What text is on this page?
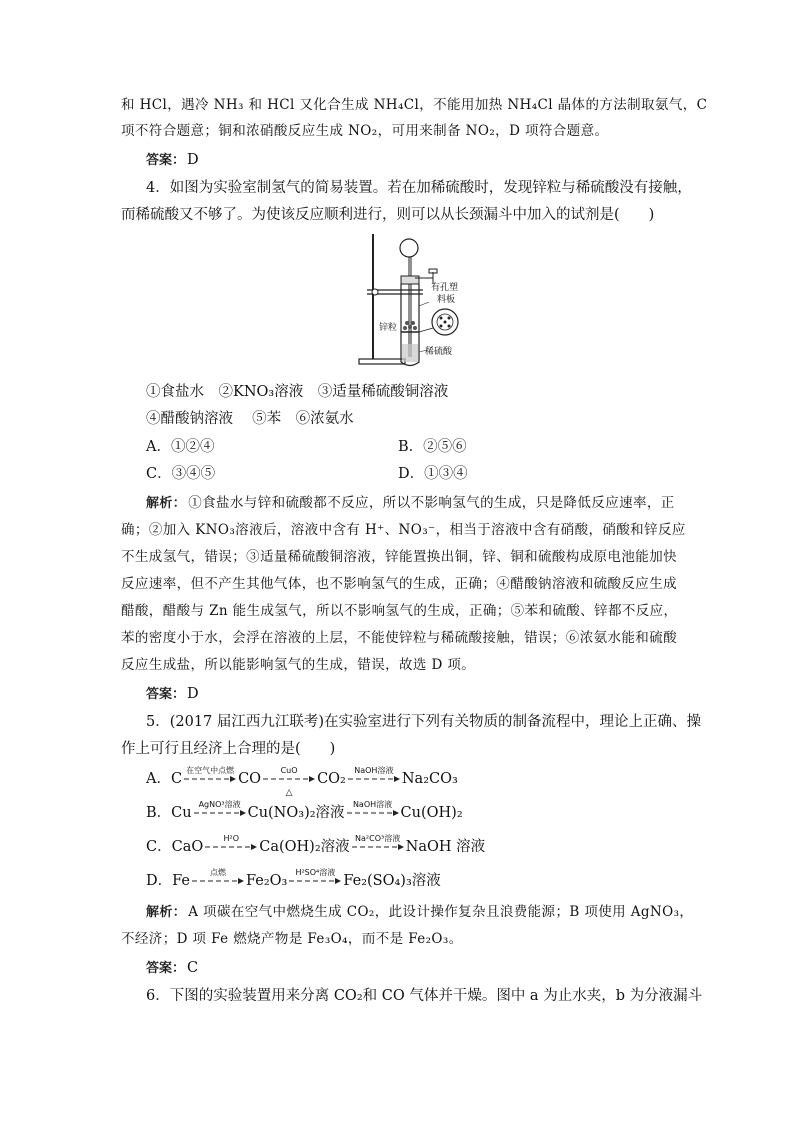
和 HCl，遇冷 NH₃ 和 HCl 又化合生成 NH₄Cl，不能用加热 NH₄Cl 晶体的方法制取氨气，C
项不符合题意；铜和浓硝酸反应生成 NO₂，可用来制备 NO₂，D 项符合题意。
答案： D
4．如图为实验室制氢气的简易装置。若在加稀硫酸时，发现锌粒与稀硫酸没有接触，
而稀硫酸又不够了。为使该反应顺利进行，则可以从长颈漏斗中加入的试剂是(　　)
有孔塑
料板
锌粒
稀硫酸
①食盐水　②KNO₃溶液　③适量稀硫酸铜溶液
④醋酸钠溶液　 ⑤苯　⑥浓氨水
A．①②④	B．②⑤⑥
C．③④⑤	D．①③④
解析： ①食盐水与锌和硫酸都不反应，所以不影响氢气的生成，只是降低反应速率，正
确；②加入 KNO₃溶液后，溶液中含有 H⁺、NO₃⁻，相当于溶液中含有硝酸，硝酸和锌反应
不生成氢气，错误；③适量稀硫酸铜溶液，锌能置换出铜，锌、铜和硫酸构成原电池能加快
反应速率，但不产生其他气体，也不影响氢气的生成，正确；④醋酸钠溶液和硫酸反应生成
醋酸，醋酸与 Zn 能生成氢气，所以不影响氢气的生成，正确；⑤苯和硫酸、锌都不反应，
苯的密度小于水，会浮在溶液的上层，不能使锌粒与稀硫酸接触，错误；⑥浓氨水能和硫酸
反应生成盐，所以能影响氢气的生成，错误，故选 D 项。
答案： D
5．(2017 届江西九江联考)在实验室进行下列有关物质的制备流程中，理论上正确、操
作上可行且经济上合理的是(　　)
A．C
在空气中点燃
CO
CuO
△
CO₂
NaOH溶液
Na₂CO₃
B．Cu
AgNO³溶液
Cu(NO₃)₂溶液
NaOH溶液
Cu(OH)₂
C．CaO
H²O
Ca(OH)₂溶液
Na²CO³溶液
NaOH 溶液
D．Fe
点燃
Fe₂O₃
H²SO⁴溶液
Fe₂(SO₄)₃溶液
解析： A 项碳在空气中燃烧生成 CO₂，此设计操作复杂且浪费能源；B 项使用 AgNO₃，
不经济；D 项 Fe 燃烧产物是 Fe₃O₄，而不是 Fe₂O₃。
答案： C
6．下图的实验装置用来分离 CO₂和 CO 气体并干燥。图中 a 为止水夹，b 为分液漏斗
